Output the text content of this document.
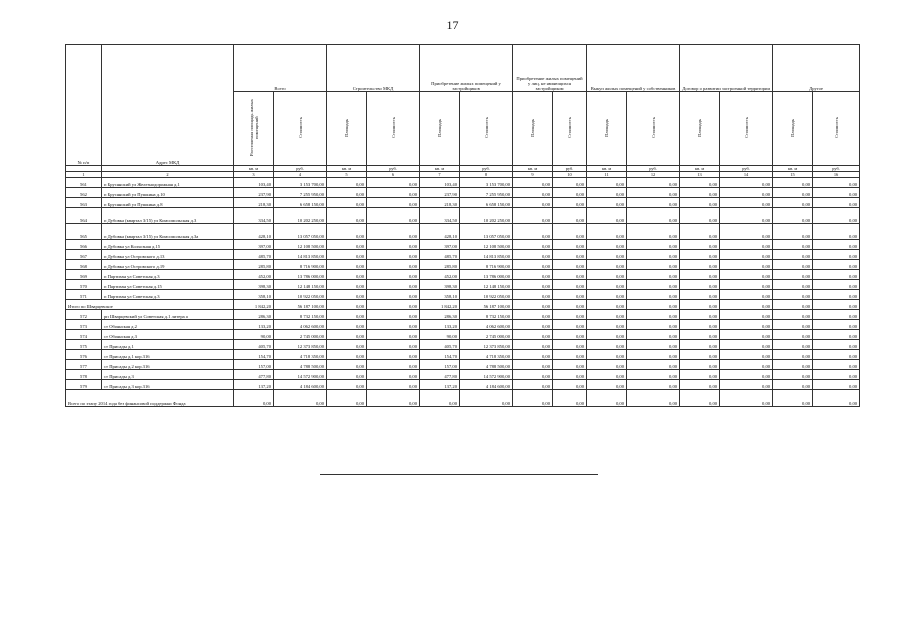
17
№ п/п	Адрес МКД	Всего		Строительство МКД		Приобретение жилых помещений у застройщиков		Приобретение жилых помещений у лиц, не являющихся застройщиком		Выкуп жилых помещений у собственников		Договор о развитии застроенной территории		Другое	
		Расселяемая площадь жилых помещений	Стоимость	Площадь	Стоимость	Площадь	Стоимость	Площадь	Стоимость	Площадь	Стоимость	Площадь	Стоимость	Площадь	Стоимость
		кв. м	руб.	кв. м	руб.	кв. м	руб.	кв. м	руб.	кв. м	руб.	кв. м	руб.	кв. м	руб.
1	2	3	4	5	6	7	8	9	10	11	12	13	14	15	16
561	п Брусянский ул Железнодорожная д.1	103,40	3 153 700,00	0,00	0,00	103,40	3 153 700,00	0,00	0,00	0,00	0,00	0,00	0,00	0,00	0,00
562	п Брусянский ул Пушкина д.10	237,90	7 255 950,00	0,00	0,00	237,90	7 255 950,00	0,00	0,00	0,00	0,00	0,00	0,00	0,00	0,00
563	п Брусянский ул Пушкина д.8	218,30	6 658 150,00	0,00	0,00	218,30	6 658 150,00	0,00	0,00	0,00	0,00	0,00	0,00	0,00	0,00
564	п Дубовка (квартал 3/15) ул Комсомольская д.3	334,50	10 202 250,00	0,00	0,00	334,50	10 202 250,00	0,00	0,00	0,00	0,00	0,00	0,00	0,00	0,00
565	п Дубовка (квартал 3/15) ул Комсомольская д.3а	428,10	13 057 050,00	0,00	0,00	428,10	13 057 050,00	0,00	0,00	0,00	0,00	0,00	0,00	0,00	0,00
566	п Дубовка ул Колхозная д.15	397,00	12 108 500,00	0,00	0,00	397,00	12 108 500,00	0,00	0,00	0,00	0,00	0,00	0,00	0,00	0,00
567	п Дубовка ул Островского д.13	485,70	14 813 850,00	0,00	0,00	485,70	14 813 850,00	0,00	0,00	0,00	0,00	0,00	0,00	0,00	0,00
568	п Дубовка ул Островского д.19	285,80	8 716 900,00	0,00	0,00	285,80	8 716 900,00	0,00	0,00	0,00	0,00	0,00	0,00	0,00	0,00
569	п Партизан ул Советская д.3	452,00	13 786 000,00	0,00	0,00	452,00	13 786 000,00	0,00	0,00	0,00	0,00	0,00	0,00	0,00	0,00
570	п Партизан ул Советская д.15	398,30	12 148 150,00	0,00	0,00	398,30	12 148 150,00	0,00	0,00	0,00	0,00	0,00	0,00	0,00	0,00
571	п Партизан ул Советская д.3	358,10	10 922 050,00	0,00	0,00	358,10	10 922 050,00	0,00	0,00	0,00	0,00	0,00	0,00	0,00	0,00
Итого по Шварцевское		1 842,20	56 187 100,00	0,00	0,00	1 842,20	56 187 100,00	0,00	0,00	0,00	0,00	0,00	0,00	0,00	0,00
572	рп Шварцевский ул Советская д.1 литера а	286,30	8 732 150,00	0,00	0,00	286,30	8 732 150,00	0,00	0,00	0,00	0,00	0,00	0,00	0,00	0,00
573	ст Обоянская д.2	133,20	4 062 600,00	0,00	0,00	133,20	4 062 600,00	0,00	0,00	0,00	0,00	0,00	0,00	0,00	0,00
574	ст Обоянская д.3	90,00	2 745 000,00	0,00	0,00	90,00	2 745 000,00	0,00	0,00	0,00	0,00	0,00	0,00	0,00	0,00
575	ст Присады д.1	405,70	12 373 850,00	0,00	0,00	405,70	12 373 850,00	0,00	0,00	0,00	0,00	0,00	0,00	0,00	0,00
576	ст Присады д.1 кор.316	154,70	4 718 350,00	0,00	0,00	154,70	4 718 350,00	0,00	0,00	0,00	0,00	0,00	0,00	0,00	0,00
577	ст Присады д.2 кор.316	157,00	4 788 500,00	0,00	0,00	157,00	4 788 500,00	0,00	0,00	0,00	0,00	0,00	0,00	0,00	0,00
578	ст Присады д.3	477,80	14 572 900,00	0,00	0,00	477,80	14 572 900,00	0,00	0,00	0,00	0,00	0,00	0,00	0,00	0,00
579	ст Присады д.3 кор.316	137,20	4 184 600,00	0,00	0,00	137,20	4 184 600,00	0,00	0,00	0,00	0,00	0,00	0,00	0,00	0,00
Всего по этапу 2014 года без финансовой поддержки Фонда		0,00	0,00	0,00	0,00	0,00	0,00	0,00	0,00	0,00	0,00	0,00	0,00	0,00	0,00
